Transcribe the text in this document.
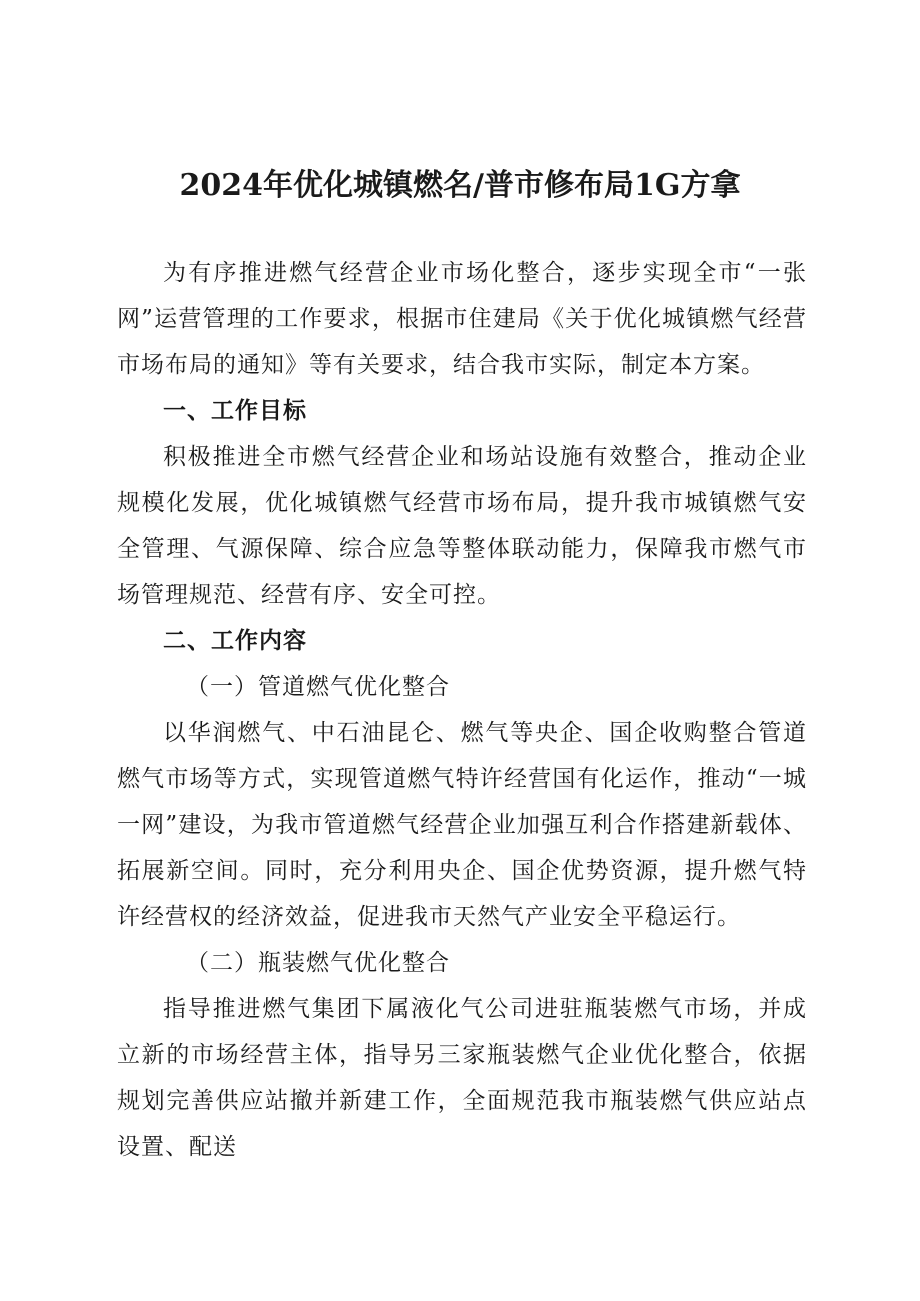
2024年优化城镇燃名/普市修布局1G方拿

为有序推进燃气经营企业市场化整合，逐步实现全市“一张网”运营管理的工作要求，根据市住建局《关于优化城镇燃气经营市场布局的通知》等有关要求，结合我市实际，制定本方案。

一、工作目标

积极推进全市燃气经营企业和场站设施有效整合，推动企业规模化发展，优化城镇燃气经营市场布局，提升我市城镇燃气安全管理、气源保障、综合应急等整体联动能力，保障我市燃气市场管理规范、经营有序、安全可控。

二、工作内容

（一）管道燃气优化整合

以华润燃气、中石油昆仑、燃气等央企、国企收购整合管道燃气市场等方式，实现管道燃气特许经营国有化运作，推动“一城一网”建设，为我市管道燃气经营企业加强互利合作搭建新载体、拓展新空间。同时，充分利用央企、国企优势资源，提升燃气特许经营权的经济效益，促进我市天然气产业安全平稳运行。

（二）瓶装燃气优化整合

指导推进燃气集团下属液化气公司进驻瓶装燃气市场，并成立新的市场经营主体，指导另三家瓶装燃气企业优化整合，依据规划完善供应站撤并新建工作，全面规范我市瓶装燃气供应站点设置、配送
